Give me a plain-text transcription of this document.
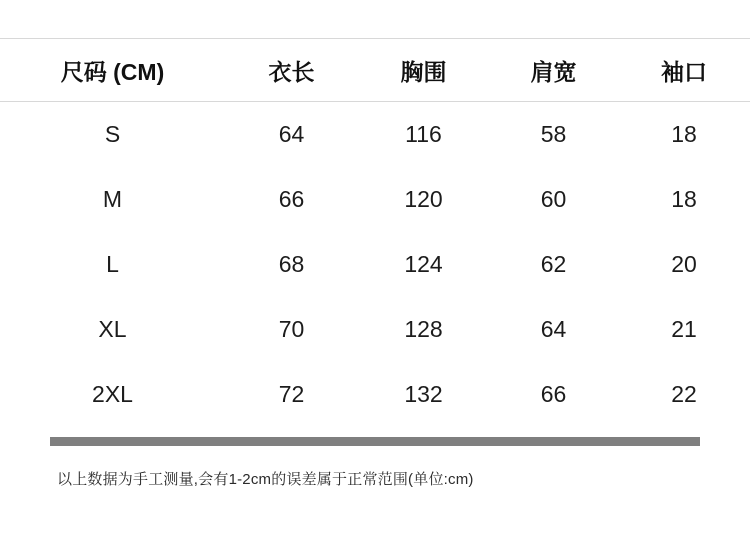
尺码 (CM)	衣长	胸围	肩宽	袖口
S	64	116	58	18
M	66	120	60	18
L	68	124	62	20
XL	70	128	64	21
2XL	72	132	66	22
以上数据为手工测量,会有1-2cm的误差属于正常范围(单位:cm)
